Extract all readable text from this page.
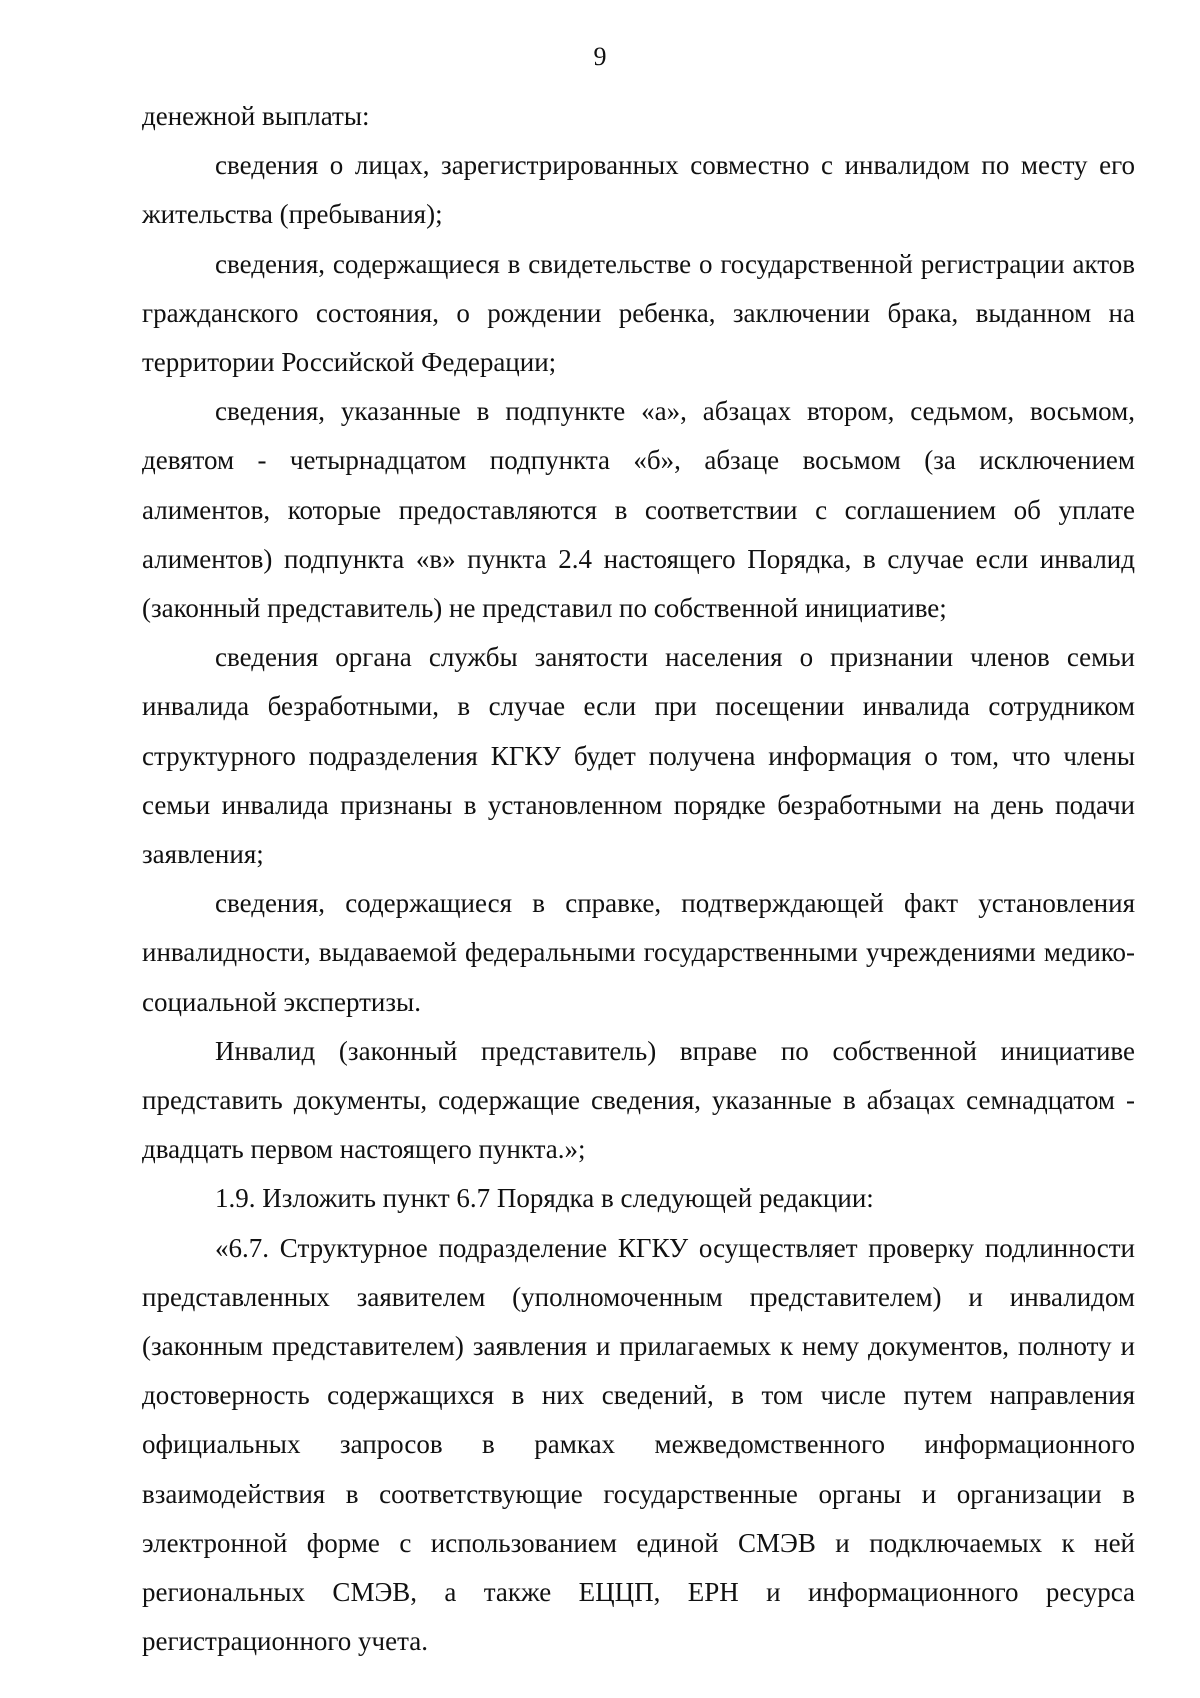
9

денежной выплаты:

сведения о лицах, зарегистрированных совместно с инвалидом по месту его жительства (пребывания);

сведения, содержащиеся в свидетельстве о государственной регистрации актов гражданского состояния, о рождении ребенка, заключении брака, выданном на территории Российской Федерации;

сведения, указанные в подпункте «а», абзацах втором, седьмом, восьмом, девятом - четырнадцатом подпункта «б», абзаце восьмом (за исключением алиментов, которые предоставляются в соответствии с соглашением об уплате алиментов) подпункта «в» пункта 2.4 настоящего Порядка, в случае если инвалид (законный представитель) не представил по собственной инициативе;

сведения органа службы занятости населения о признании членов семьи инвалида безработными, в случае если при посещении инвалида сотрудником структурного подразделения КГКУ будет получена информация о том, что члены семьи инвалида признаны в установленном порядке безработными на день подачи заявления;

сведения, содержащиеся в справке, подтверждающей факт установления инвалидности, выдаваемой федеральными государственными учреждениями медико-социальной экспертизы.

Инвалид (законный представитель) вправе по собственной инициативе представить документы, содержащие сведения, указанные в абзацах семнадцатом - двадцать первом настоящего пункта.»;

1.9. Изложить пункт 6.7 Порядка в следующей редакции:

«6.7. Структурное подразделение КГКУ осуществляет проверку подлинности представленных заявителем (уполномоченным представителем) и инвалидом (законным представителем) заявления и прилагаемых к нему документов, полноту и достоверность содержащихся в них сведений, в том числе путем направления официальных запросов в рамках межведомственного информационного взаимодействия в соответствующие государственные органы и организации в электронной форме с использованием единой СМЭВ и подключаемых к ней региональных СМЭВ, а также ЕЦЦП, ЕРН и информационного ресурса регистрационного учета.
